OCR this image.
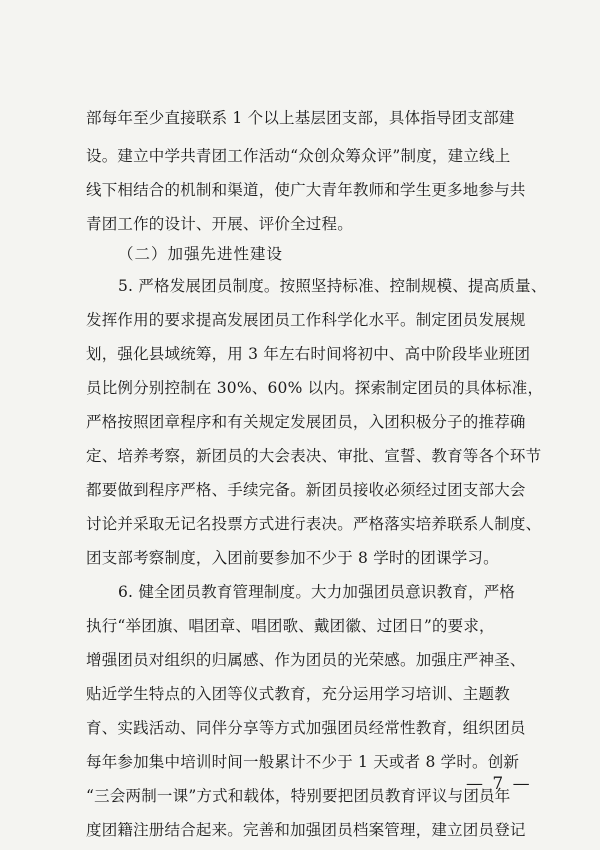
部每年至少直接联系 1 个以上基层团支部，具体指导团支部建
设。建立中学共青团工作活动“众创众筹众评”制度，建立线上
线下相结合的机制和渠道，使广大青年教师和学生更多地参与共
青团工作的设计、开展、评价全过程。
（二）加强先进性建设
5. 严格发展团员制度。按照坚持标准、控制规模、提高质量、
发挥作用的要求提高发展团员工作科学化水平。制定团员发展规
划，强化县域统筹，用 3 年左右时间将初中、高中阶段毕业班团
员比例分别控制在 30%、60% 以内。探索制定团员的具体标准，
严格按照团章程序和有关规定发展团员，入团积极分子的推荐确
定、培养考察，新团员的大会表决、审批、宣誓、教育等各个环节
都要做到程序严格、手续完备。新团员接收必须经过团支部大会
讨论并采取无记名投票方式进行表决。严格落实培养联系人制度、
团支部考察制度，入团前要参加不少于 8 学时的团课学习。
6. 健全团员教育管理制度。大力加强团员意识教育，严格
执行“举团旗、唱团章、唱团歌、戴团徽、过团日”的要求，
增强团员对组织的归属感、作为团员的光荣感。加强庄严神圣、
贴近学生特点的入团等仪式教育，充分运用学习培训、主题教
育、实践活动、同伴分享等方式加强团员经常性教育，组织团员
每年参加集中培训时间一般累计不少于 1 天或者 8 学时。创新
“三会两制一课”方式和载体，特别要把团员教育评议与团员年
度团籍注册结合起来。完善和加强团员档案管理，建立团员登记
— 7 —
